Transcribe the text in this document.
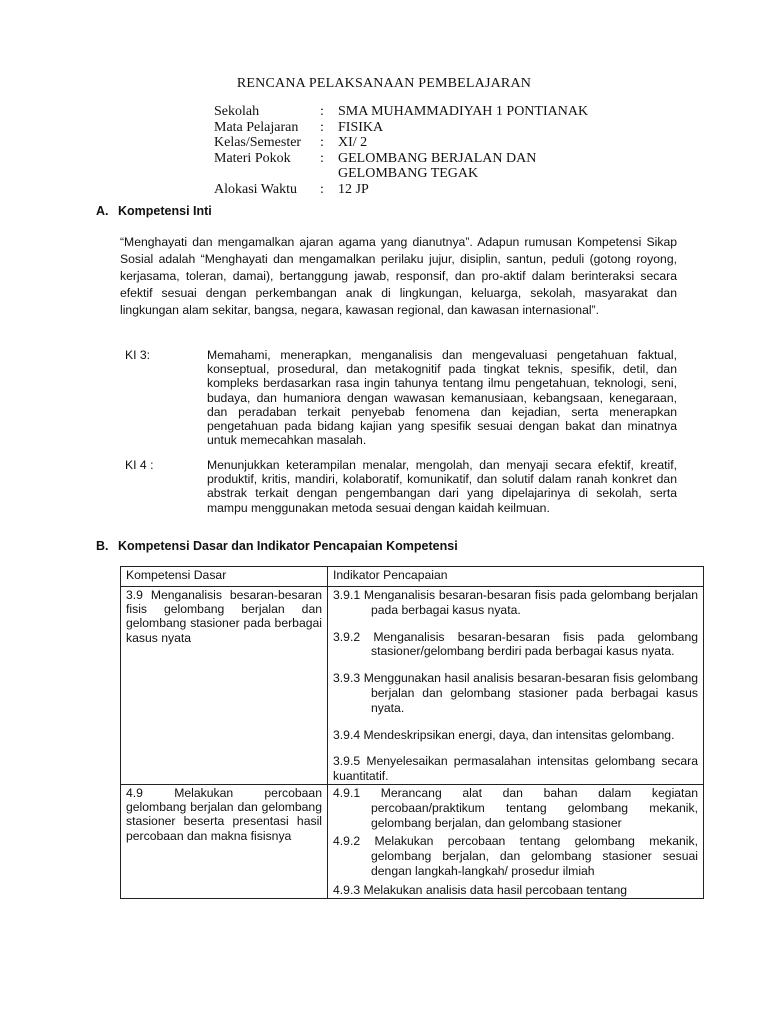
RENCANA PELAKSANAAN PEMBELAJARAN
Sekolah	:	SMA MUHAMMADIYAH 1 PONTIANAK
Mata Pelajaran	:	FISIKA
Kelas/Semester	:	XI/ 2
Materi Pokok	:	GELOMBANG BERJALAN DAN GELOMBANG TEGAK
Alokasi Waktu	:	12 JP
A. Kompetensi Inti
“Menghayati dan mengamalkan ajaran agama yang dianutnya”. Adapun rumusan Kompetensi Sikap Sosial adalah “Menghayati dan mengamalkan perilaku jujur, disiplin, santun, peduli (gotong royong, kerjasama, toleran, damai), bertanggung jawab, responsif, dan pro-aktif dalam berinteraksi secara efektif sesuai dengan perkembangan anak di lingkungan, keluarga, sekolah, masyarakat dan lingkungan alam sekitar, bangsa, negara, kawasan regional, dan kawasan internasional”.
KI 3:	Memahami, menerapkan, menganalisis dan mengevaluasi pengetahuan faktual, konseptual, prosedural, dan metakognitif pada tingkat teknis, spesifik, detil, dan kompleks berdasarkan rasa ingin tahunya tentang ilmu pengetahuan, teknologi, seni, budaya, dan humaniora dengan wawasan kemanusiaan, kebangsaan, kenegaraan, dan peradaban terkait penyebab fenomena dan kejadian, serta menerapkan pengetahuan pada bidang kajian yang spesifik sesuai dengan bakat dan minatnya untuk memecahkan masalah.
KI 4 :	Menunjukkan keterampilan menalar, mengolah, dan menyaji secara efektif, kreatif, produktif, kritis, mandiri, kolaboratif, komunikatif, dan solutif dalam ranah konkret dan abstrak terkait dengan pengembangan dari yang dipelajarinya di sekolah, serta mampu menggunakan metoda sesuai dengan kaidah keilmuan.
B. Kompetensi Dasar dan Indikator Pencapaian Kompetensi
Kompetensi Dasar	Indikator Pencapaian

3.9 Menganalisis besaran-besaran fisis gelombang berjalan dan gelombang stasioner pada berbagai kasus nyata	3.9.1 Menganalisis besaran-besaran fisis pada gelombang berjalan pada berbagai kasus nyata.
3.9.2 Menganalisis besaran-besaran fisis pada gelombang stasioner/gelombang berdiri pada berbagai kasus nyata.
3.9.3 Menggunakan hasil analisis besaran-besaran fisis gelombang berjalan dan gelombang stasioner pada berbagai kasus nyata.
3.9.4 Mendeskripsikan energi, daya, dan intensitas gelombang.
3.9.5 Menyelesaikan permasalahan intensitas gelombang secara kuantitatif.

4.9 Melakukan percobaan gelombang berjalan dan gelombang stasioner beserta presentasi hasil percobaan dan makna fisisnya	4.9.1 Merancang alat dan bahan dalam kegiatan percobaan/praktikum tentang gelombang mekanik, gelombang berjalan, dan gelombang stasioner
4.9.2 Melakukan percobaan tentang gelombang mekanik, gelombang berjalan, dan gelombang stasioner sesuai dengan langkah-langkah/ prosedur ilmiah
4.9.3 Melakukan analisis data hasil percobaan tentang
